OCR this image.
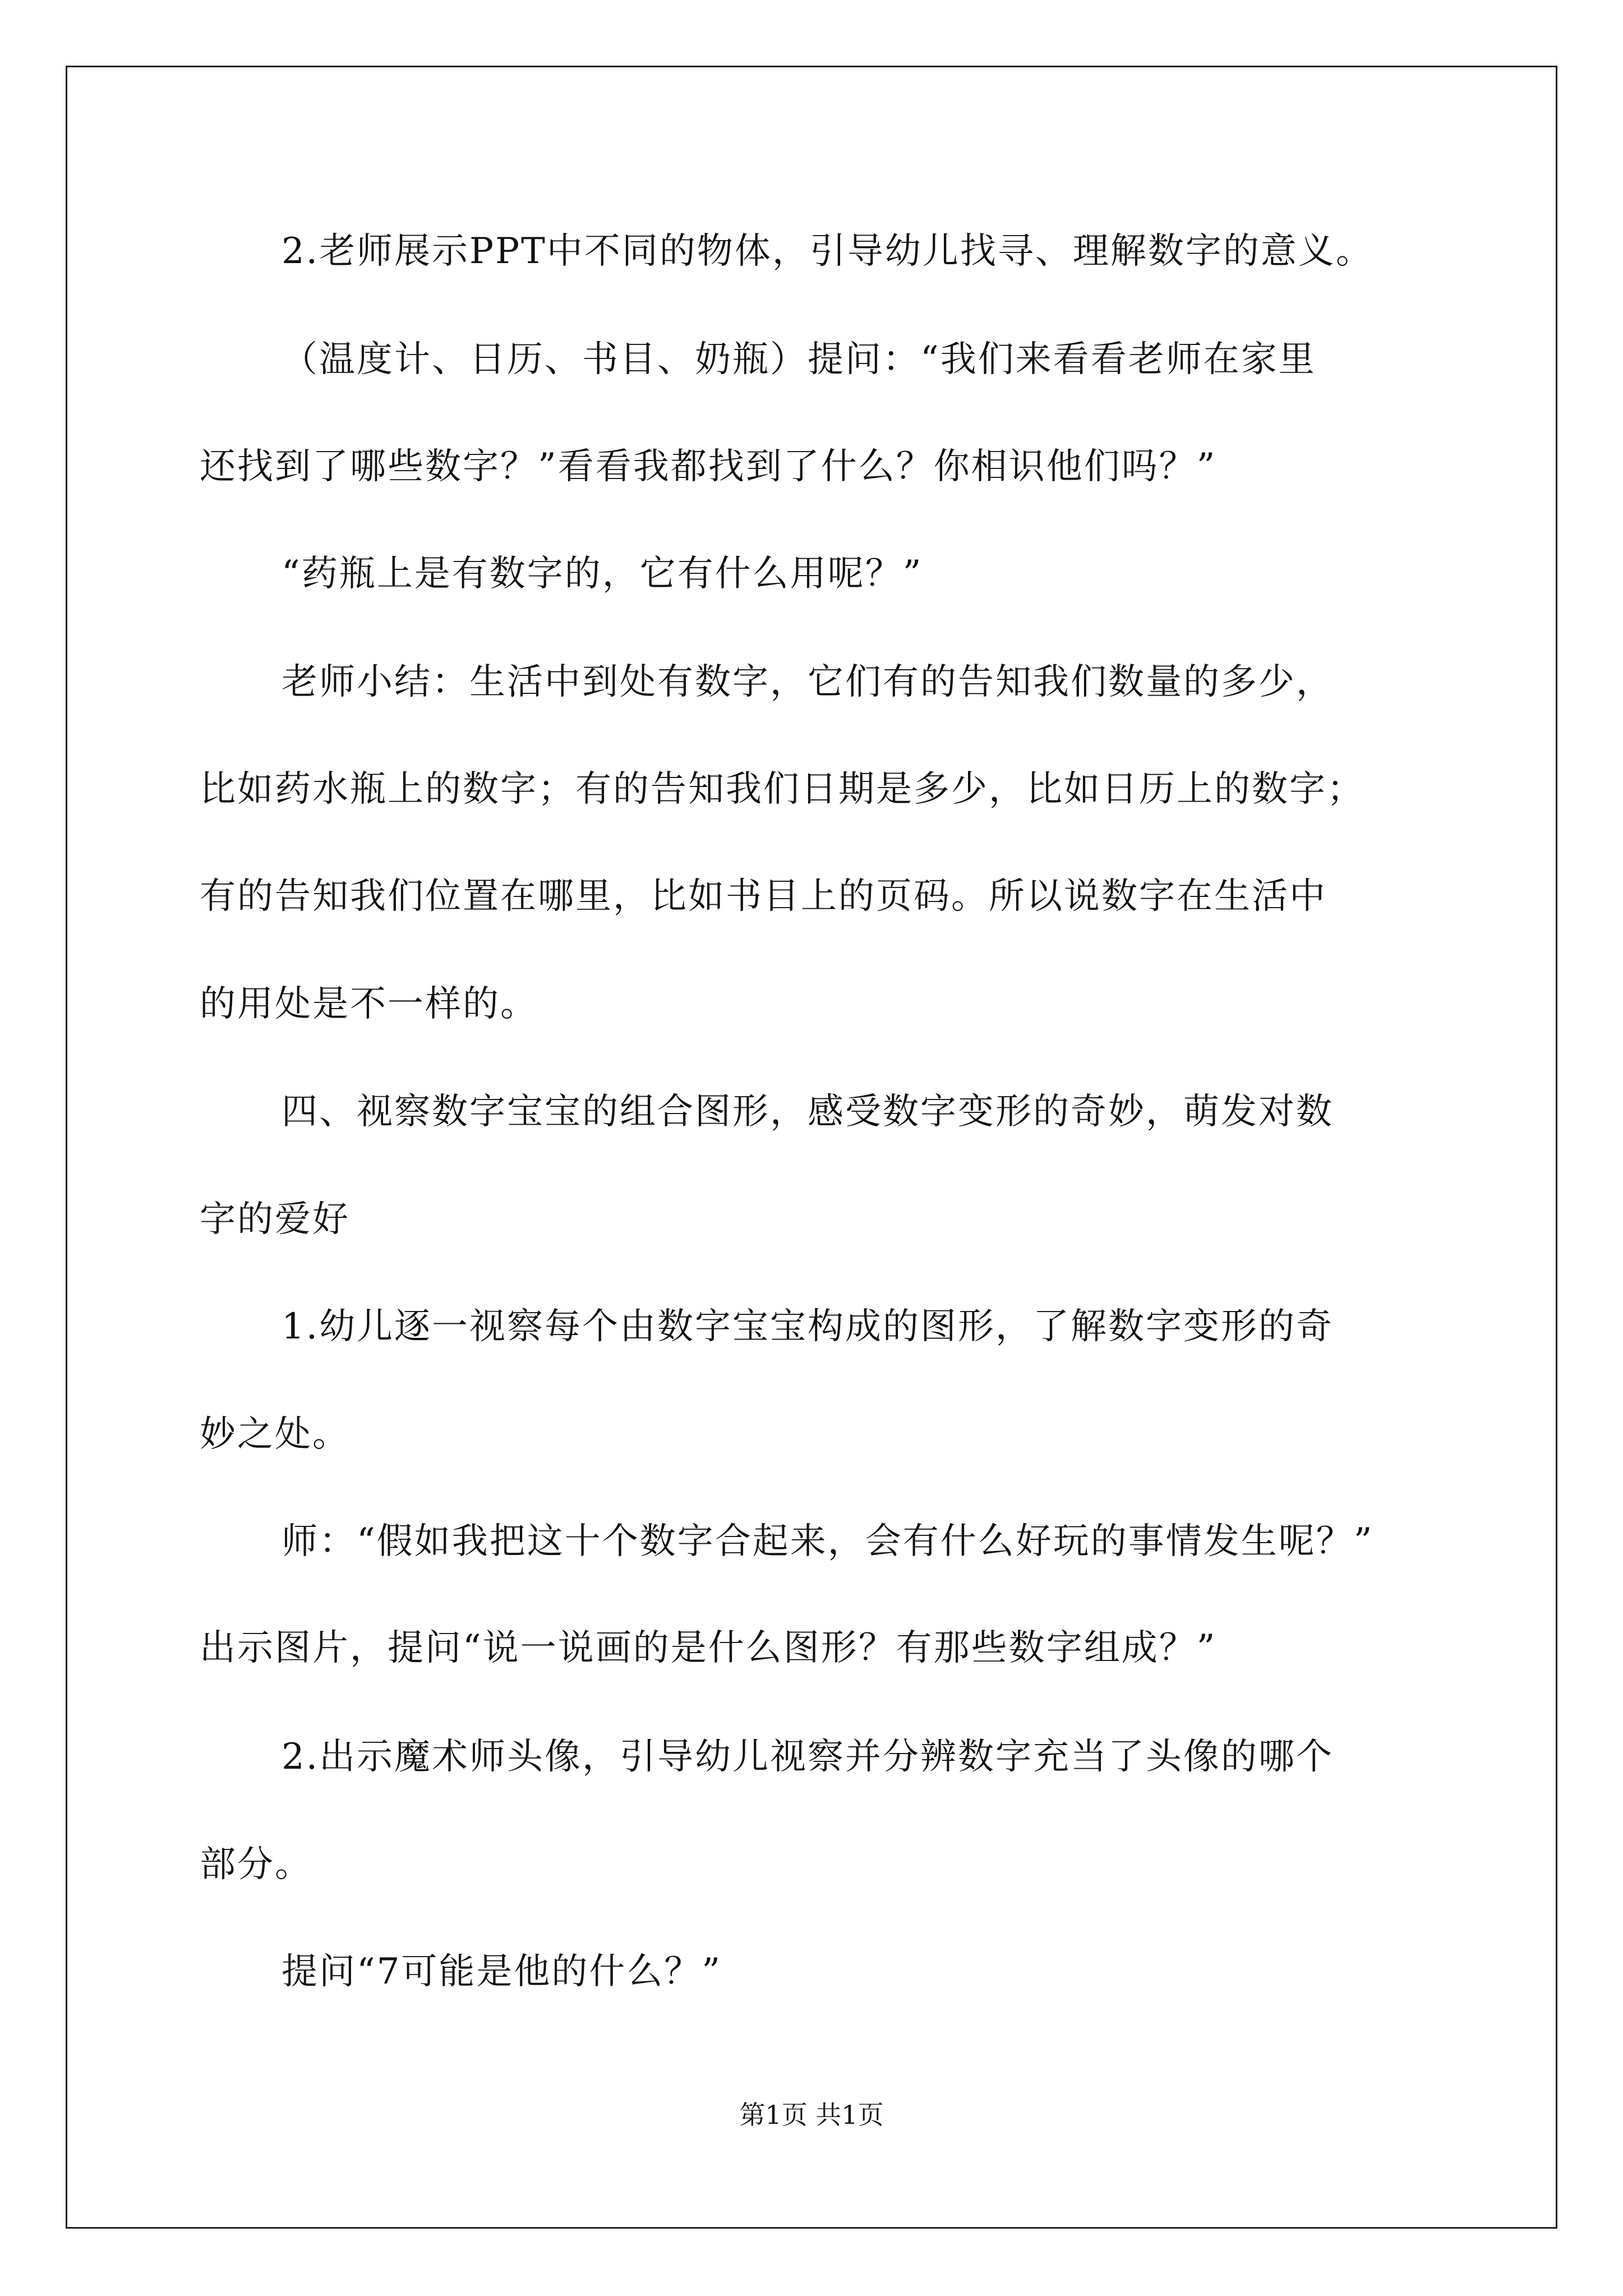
2.老师展示PPT中不同的物体，引导幼儿找寻、理解数字的意义。
（温度计、日历、书目、奶瓶）提问：“我们来看看老师在家里
还找到了哪些数字？”看看我都找到了什么？你相识他们吗？”
“药瓶上是有数字的，它有什么用呢？”
老师小结：生活中到处有数字，它们有的告知我们数量的多少，
比如药水瓶上的数字；有的告知我们日期是多少，比如日历上的数字；
有的告知我们位置在哪里，比如书目上的页码。所以说数字在生活中
的用处是不一样的。
四、视察数字宝宝的组合图形，感受数字变形的奇妙，萌发对数
字的爱好
1.幼儿逐一视察每个由数字宝宝构成的图形，了解数字变形的奇
妙之处。
师：“假如我把这十个数字合起来，会有什么好玩的事情发生呢？”
出示图片，提问“说一说画的是什么图形？有那些数字组成？”
2.出示魔术师头像，引导幼儿视察并分辨数字充当了头像的哪个
部分。
提问“7可能是他的什么？”
第1页 共1页
